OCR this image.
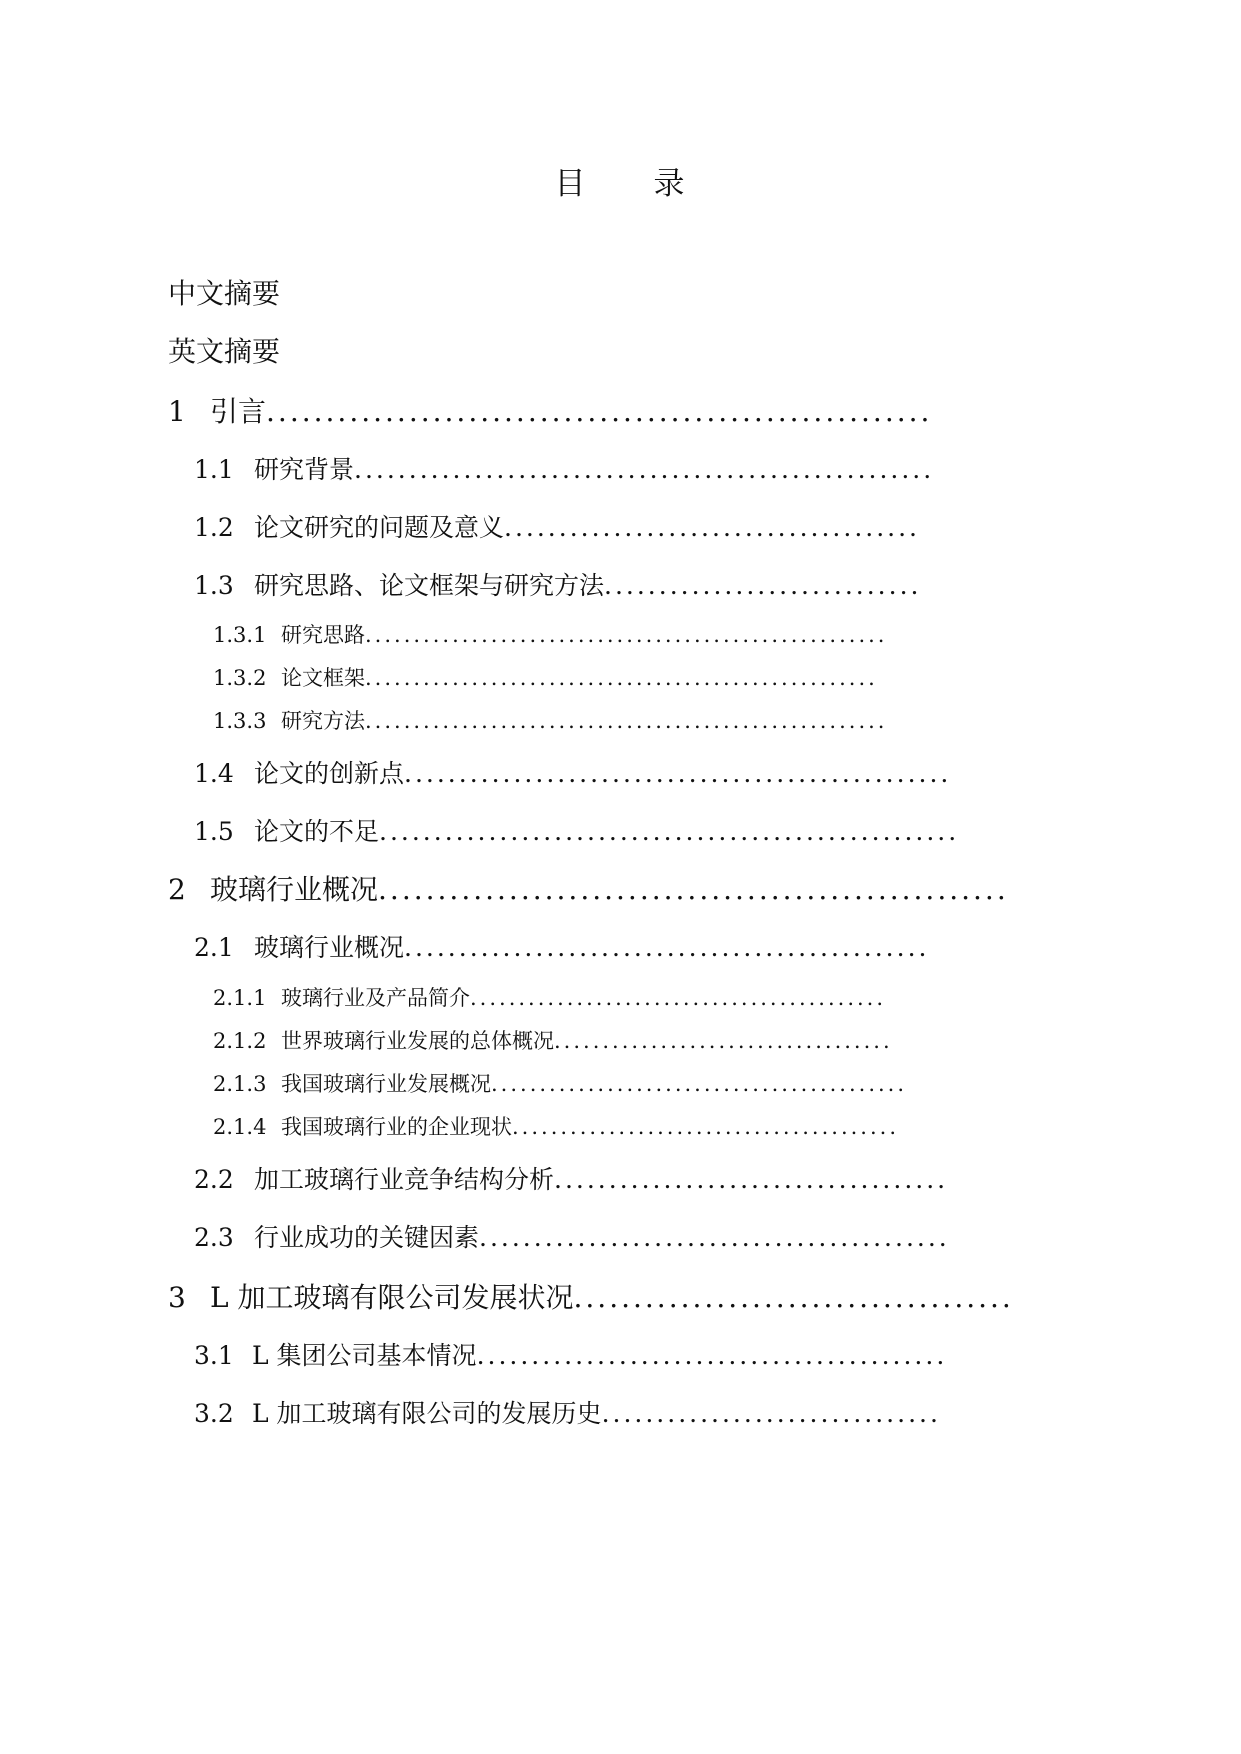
目　　录
中文摘要
英文摘要
1 引言........................................................
1.1 研究背景.....................................................
1.2 论文研究的问题及意义......................................
1.3 研究思路、论文框架与研究方法.............................
1.3.1 研究思路......................................................
1.3.2 论文框架.....................................................
1.3.3 研究方法......................................................
1.4 论文的创新点..................................................
1.5 论文的不足.....................................................
2 玻璃行业概况.....................................................
2.1 玻璃行业概况................................................
2.1.1 玻璃行业及产品简介...........................................
2.1.2 世界玻璃行业发展的总体概况...................................
2.1.3 我国玻璃行业发展概况...........................................
2.1.4 我国玻璃行业的企业现状........................................
2.2 加工玻璃行业竞争结构分析....................................
2.3 行业成功的关键因素...........................................
3 L 加工玻璃有限公司发展状况.....................................
3.1 L 集团公司基本情况...........................................
3.2 L 加工玻璃有限公司的发展历史...............................
